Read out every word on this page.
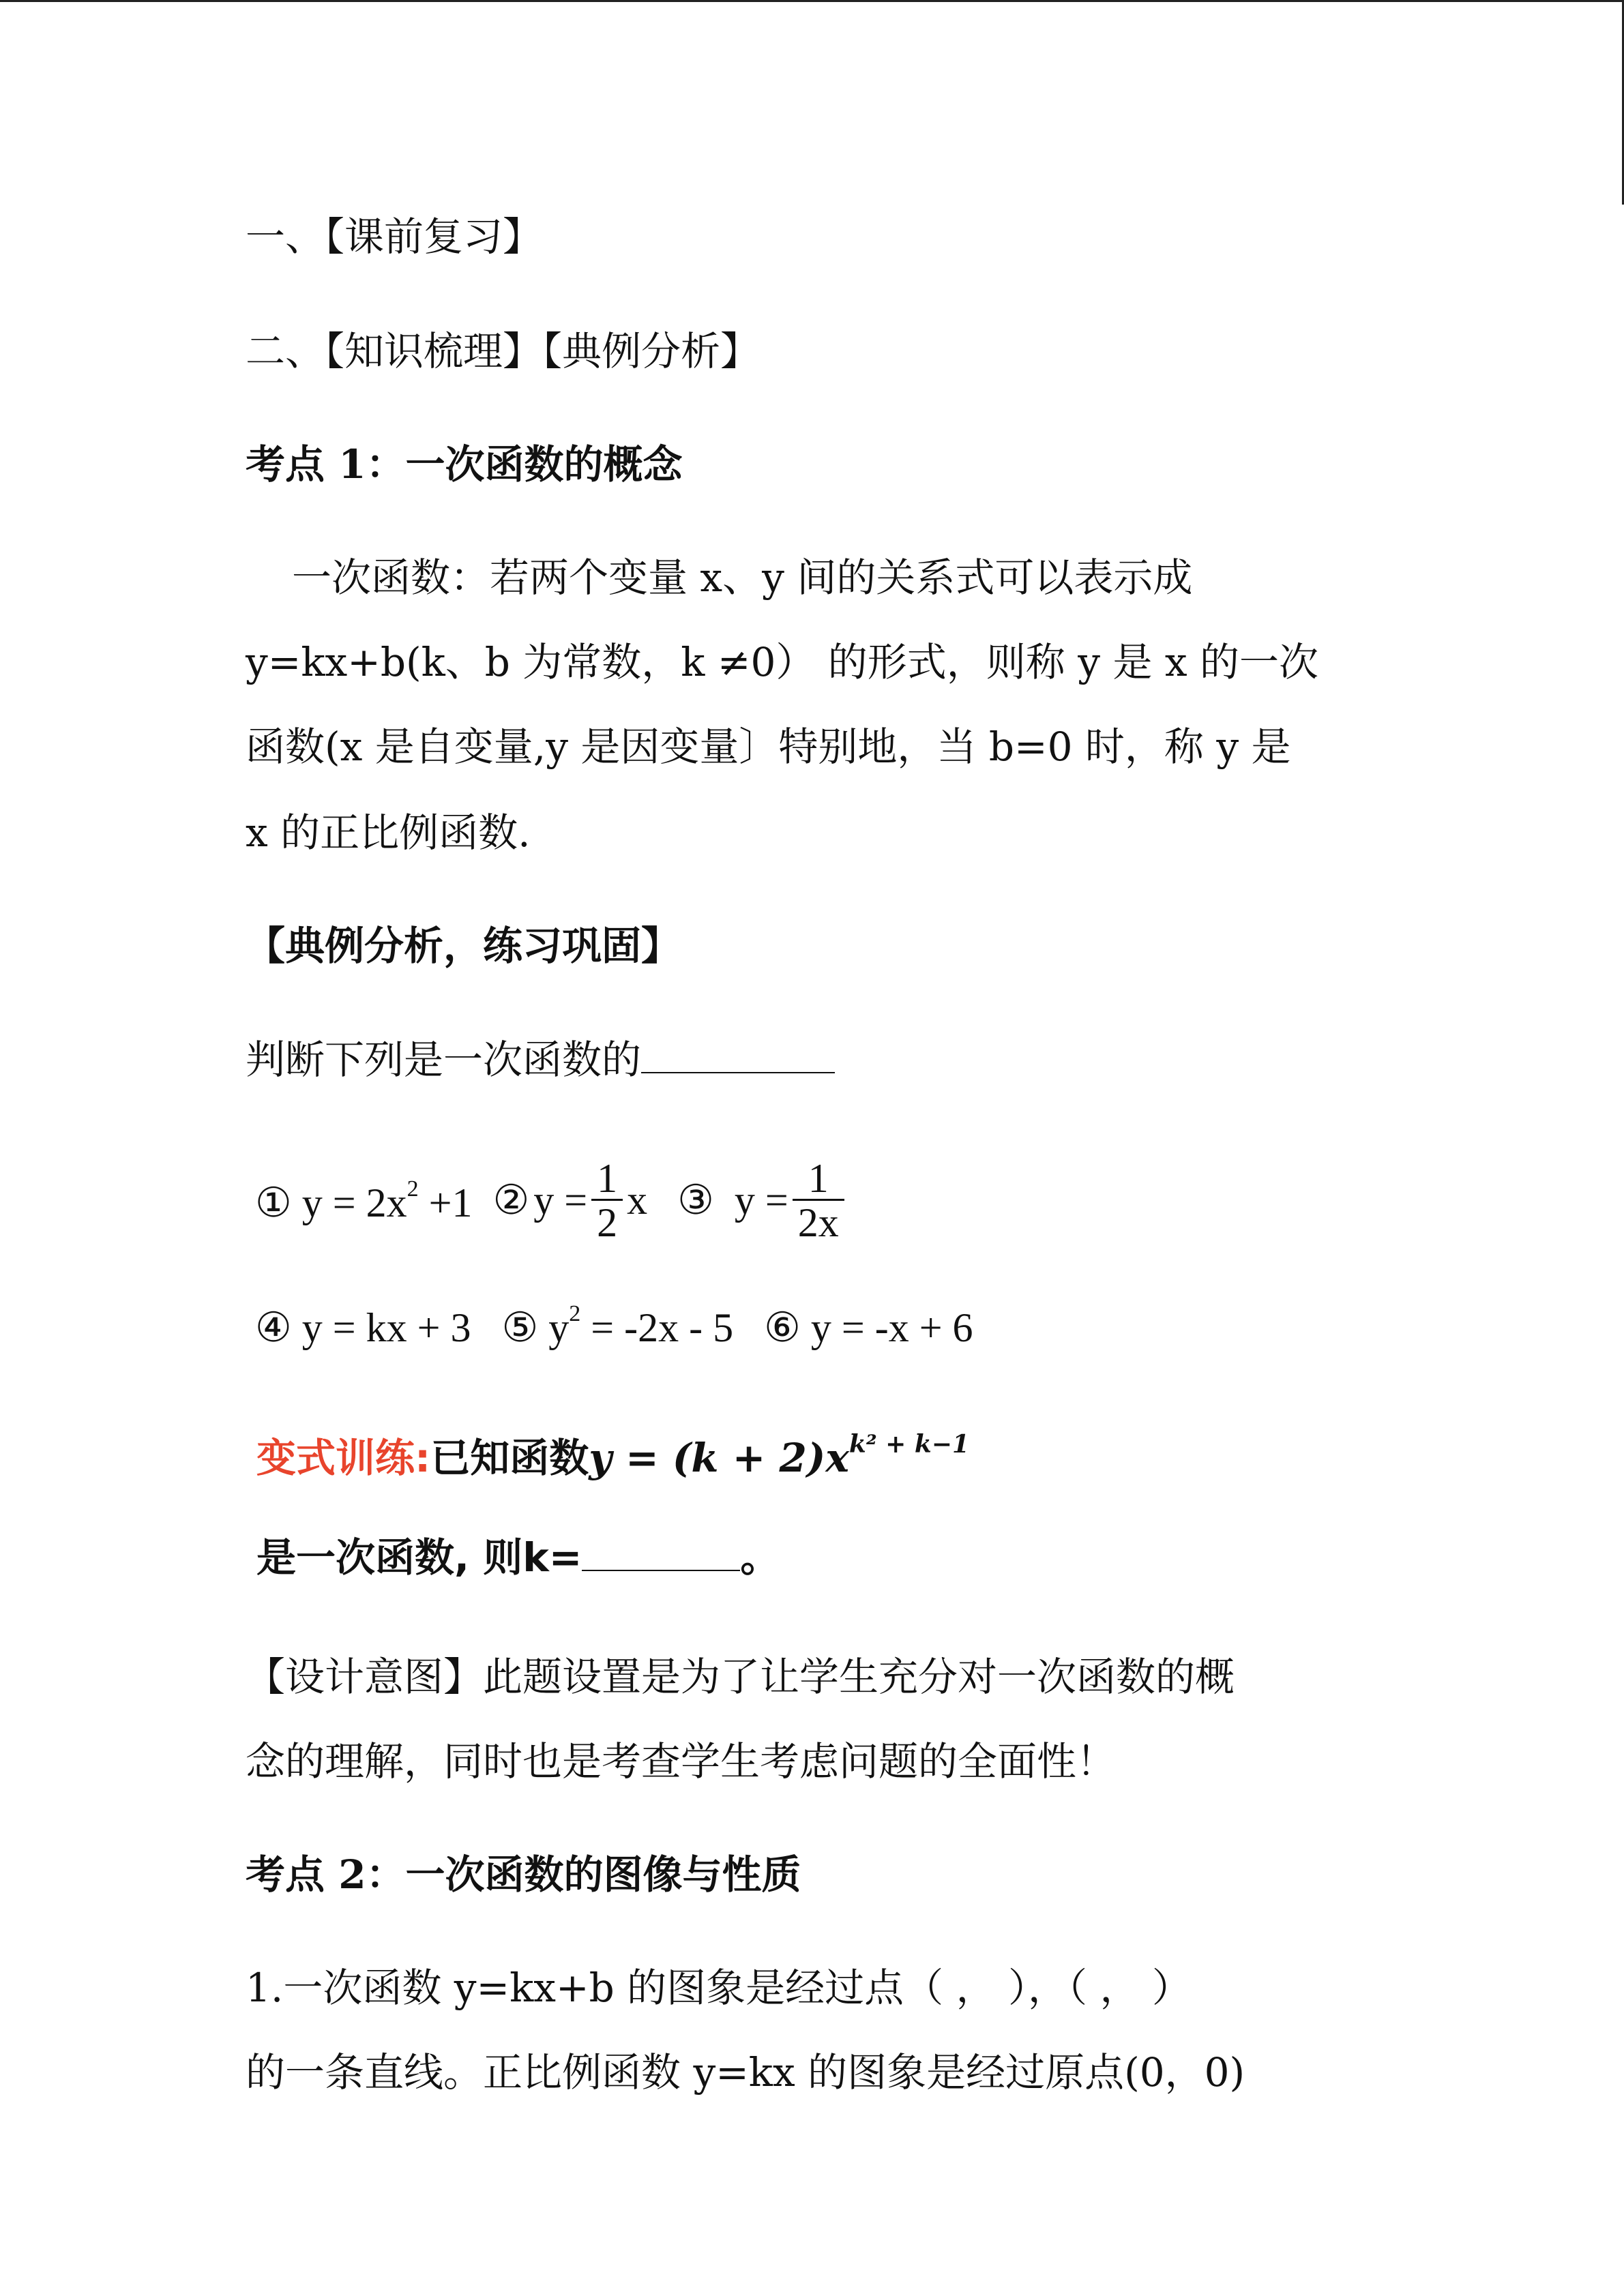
一、【课前复习】
二、【知识梳理】【典例分析】
考点 1：一次函数的概念
一次函数：若两个变量 x、y 间的关系式可以表示成
y=kx+b(k、b 为常数，k ≠0） 的形式，则称 y 是 x 的一次
函数(x 是自变量,y 是因变量〕特别地，当 b=0 时，称 y 是
x 的正比例函数.
【典例分析，练习巩固】
判断下列是一次函数的
① $y = 2x^2 +1$ ② $y = \frac{1}{2}$ x ③ $y = \frac{1}{2x}$
④ y = kx + 3 ⑤ $y^2 = -2x - 5$ ⑥ y = -x + 6
变式训练:已知函数$y = (k + 2)x^{k^2 + k-1}$
是一次函数, 则k=	。
【设计意图】此题设置是为了让学生充分对一次函数的概
念的理解，同时也是考查学生考虑问题的全面性！
考点 2：一次函数的图像与性质
1.一次函数 y=kx+b 的图象是经过点（ ， ），（ ， ）
的一条直线。正比例函数 y=kx 的图象是经过原点(0，0)
